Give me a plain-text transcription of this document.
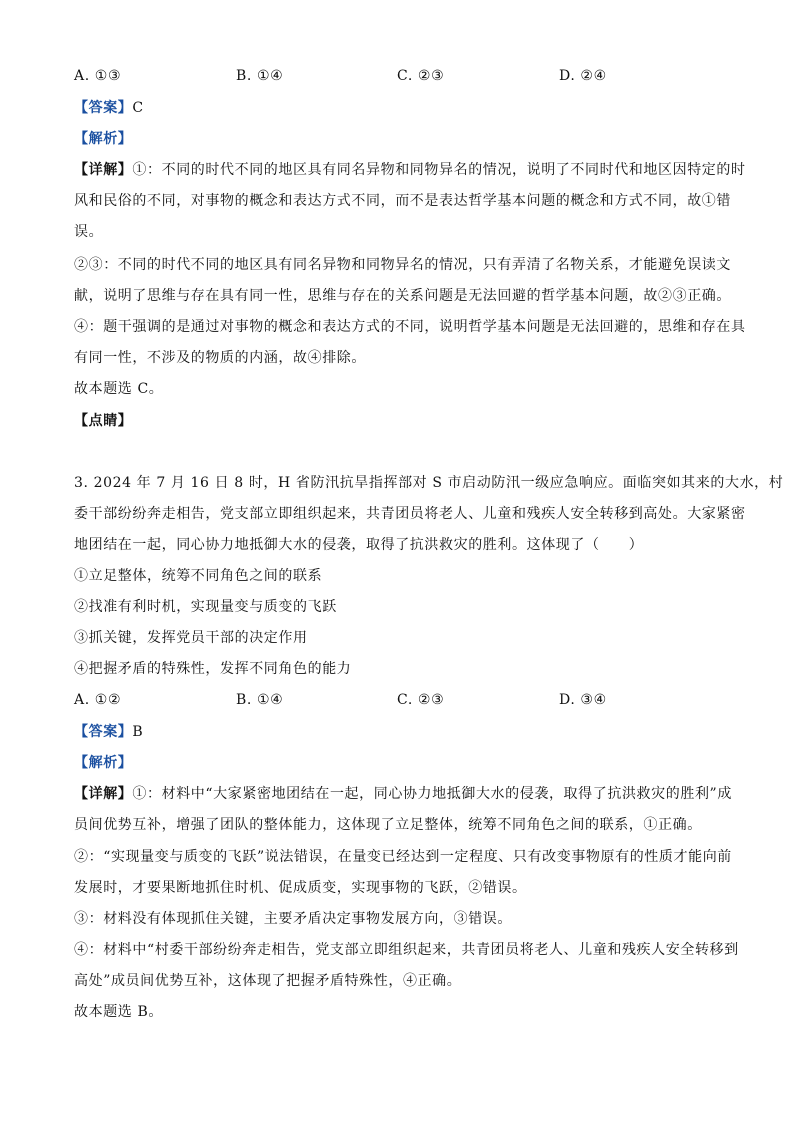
A. ①③	B. ①④	C. ②③	D. ②④
【答案】C
【解析】
【详解】①：不同的时代不同的地区具有同名异物和同物异名的情况，说明了不同时代和地区因特定的时
风和民俗的不同，对事物的概念和表达方式不同，而不是表达哲学基本问题的概念和方式不同，故①错
误。
②③：不同的时代不同的地区具有同名异物和同物异名的情况，只有弄清了名物关系，才能避免误读文
献，说明了思维与存在具有同一性，思维与存在的关系问题是无法回避的哲学基本问题，故②③正确。
④：题干强调的是通过对事物的概念和表达方式的不同，说明哲学基本问题是无法回避的，思维和存在具
有同一性，不涉及的物质的内涵，故④排除。
故本题选 C。
【点睛】
3. 2024 年 7 月 16 日 8 时，H 省防汛抗旱指挥部对 S 市启动防汛一级应急响应。面临突如其来的大水，村
委干部纷纷奔走相告，党支部立即组织起来，共青团员将老人、儿童和残疾人安全转移到高处。大家紧密
地团结在一起，同心协力地抵御大水的侵袭，取得了抗洪救灾的胜利。这体现了（　　）
①立足整体，统筹不同角色之间的联系
②找准有利时机，实现量变与质变的飞跃
③抓关键，发挥党员干部的决定作用
④把握矛盾的特殊性，发挥不同角色的能力
A. ①②	B. ①④	C. ②③	D. ③④
【答案】B
【解析】
【详解】①：材料中“大家紧密地团结在一起，同心协力地抵御大水的侵袭，取得了抗洪救灾的胜利”成
员间优势互补，增强了团队的整体能力，这体现了立足整体，统筹不同角色之间的联系，①正确。
②：“实现量变与质变的飞跃”说法错误，在量变已经达到一定程度、只有改变事物原有的性质才能向前
发展时，才要果断地抓住时机、促成质变，实现事物的飞跃，②错误。
③：材料没有体现抓住关键，主要矛盾决定事物发展方向，③错误。
④：材料中“村委干部纷纷奔走相告，党支部立即组织起来，共青团员将老人、儿童和残疾人安全转移到
高处”成员间优势互补，这体现了把握矛盾特殊性，④正确。
故本题选 B。
